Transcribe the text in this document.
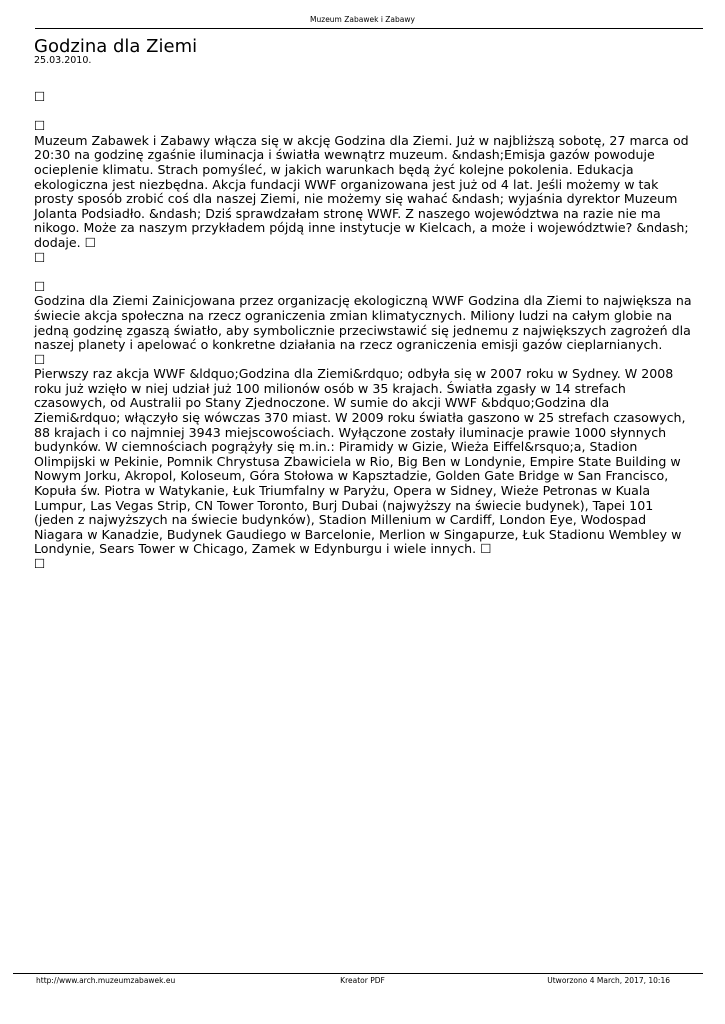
Muzeum Zabawek i Zabawy
Godzina dla Ziemi
25.03.2010.

☐

☐

Muzeum Zabawek i Zabawy włącza się w akcję Godzina dla Ziemi. Już w najbliższą sobotę, 27 marca od 20:30 na godzinę zgaśnie iluminacja i światła wewnątrz muzeum. &ndash;Emisja gazów powoduje ocieplenie klimatu. Strach pomyśleć, w jakich warunkach będą żyć kolejne pokolenia. Edukacja ekologiczna jest niezbędna. Akcja fundacji WWF organizowana jest już od 4 lat. Jeśli możemy w tak prosty sposób zrobić coś dla naszej Ziemi, nie możemy się wahać &ndash; wyjaśnia dyrektor Muzeum Jolanta Podsiadło. &ndash; Dziś sprawdzałam stronę WWF. Z naszego województwa na razie nie ma nikogo. Może za naszym przykładem pójdą inne instytucje w Kielcach, a może i województwie? &ndash; dodaje. ☐

☐

☐

Godzina dla Ziemi Zainicjowana przez organizację ekologiczną WWF Godzina dla Ziemi to największa na świecie akcja społeczna na rzecz ograniczenia zmian klimatycznych. Miliony ludzi na całym globie na jedną godzinę zgaszą światło, aby symbolicznie przeciwstawić się jednemu z największych zagrożeń dla naszej planety i apelować o konkretne działania na rzecz ograniczenia emisji gazów cieplarnianych.

☐

Pierwszy raz akcja WWF &ldquo;Godzina dla Ziemi&rdquo; odbyła się w 2007 roku w Sydney. W 2008 roku już wzięło w niej udział już 100 milionów osób w 35 krajach. Światła zgasły w 14 strefach czasowych, od Australii po Stany Zjednoczone. W sumie do akcji WWF &bdquo;Godzina dla Ziemi&rdquo; włączyło się wówczas 370 miast. W 2009 roku światła gaszono w 25 strefach czasowych, 88 krajach i co najmniej 3943 miejscowościach. Wyłączone zostały iluminacje prawie 1000 słynnych budynków. W ciemnościach pogrążyły się m.in.: Piramidy w Gizie, Wieża Eiffel&rsquo;a, Stadion Olimpijski w Pekinie, Pomnik Chrystusa Zbawiciela w Rio, Big Ben w Londynie, Empire State Building w Nowym Jorku, Akropol, Koloseum, Góra Stołowa w Kapsztadzie, Golden Gate Bridge w San Francisco, Kopuła św. Piotra w Watykanie, Łuk Triumfalny w Paryżu, Opera w Sidney, Wieże Petronas w Kuala Lumpur, Las Vegas Strip, CN Tower Toronto, Burj Dubai (najwyższy na świecie budynek), Tapei 101 (jeden z najwyższych na świecie budynków), Stadion Millenium w Cardiff, London Eye, Wodospad Niagara w Kanadzie, Budynek Gaudiego w Barcelonie, Merlion w Singapurze, Łuk Stadionu Wembley w Londynie, Sears Tower w Chicago, Zamek w Edynburgu i wiele innych. ☐

☐

http://www.arch.muzeumzabawek.eu	Kreator PDF	Utworzono 4 March, 2017, 10:16
